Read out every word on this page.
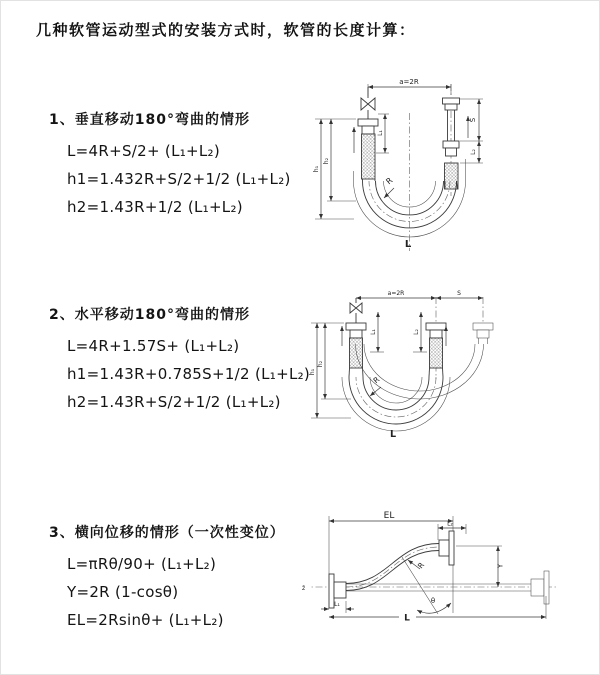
几种软管运动型式的安装方式时，软管的长度计算：
1、垂直移动180°弯曲的情形
L=4R+S/2+ (L₁+L₂)
h1=1.432R+S/2+1/2 (L₁+L₂)
h2=1.43R+1/2 (L₁+L₂)
2、水平移动180°弯曲的情形
L=4R+1.57S+ (L₁+L₂)
h1=1.43R+0.785S+1/2 (L₁+L₂)
h2=1.43R+S/2+1/2 (L₁+L₂)
3、横向位移的情形（一次性变位）
L=πRθ/90+ (L₁+L₂)
Y=2R (1-cosθ)
EL=2Rsinθ+ (L₁+L₂)
a=2R
h₁
h₂
L₁
S
L₂
R
L
a=2R	S
h₁
h₂
L₁	L₂
R
L
EL
L₂
Y
z̄
R
θ
L₁
L
